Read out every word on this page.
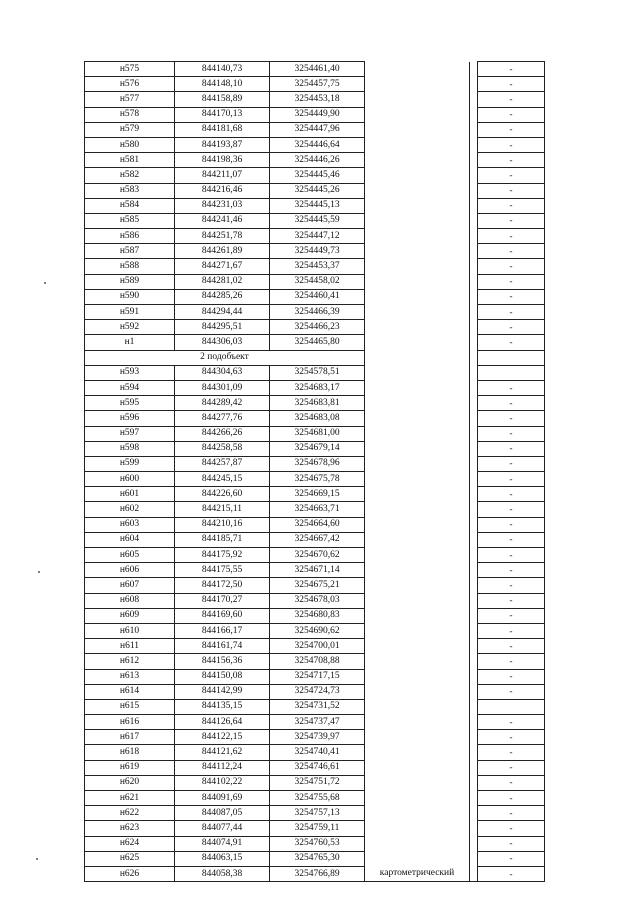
н575	844140,73	3254461,40			-
н576	844148,10	3254457,75			-
н577	844158,89	3254453,18			-
н578	844170,13	3254449,90			-
н579	844181,68	3254447,96			-
н580	844193,87	3254446,64			-
н581	844198,36	3254446,26			-
н582	844211,07	3254445,46			-
н583	844216,46	3254445,26			-
н584	844231,03	3254445,13			-
н585	844241,46	3254445,59			-
н586	844251,78	3254447,12			-
н587	844261,89	3254449,73			-
н588	844271,67	3254453,37			-
н589	844281,02	3254458,02			-
н590	844285,26	3254460,41			-
н591	844294,44	3254466,39			-
н592	844295,51	3254466,23			-
н1	844306,03	3254465,80			-
2 подобъект					
н593	844304,63	3254578,51			
н594	844301,09	3254683,17			-
н595	844289,42	3254683,81			-
н596	844277,76	3254683,08			-
н597	844266,26	3254681,00			-
н598	844258,58	3254679,14			-
н599	844257,87	3254678,96			-
н600	844245,15	3254675,78			-
н601	844226,60	3254669,15			-
н602	844215,11	3254663,71			-
н603	844210,16	3254664,60			-
н604	844185,71	3254667,42			-
н605	844175,92	3254670,62			-
н606	844175,55	3254671,14			-
н607	844172,50	3254675,21			-
н608	844170,27	3254678,03			-
н609	844169,60	3254680,83			-
н610	844166,17	3254690,62			-
н611	844161,74	3254700,01			-
н612	844156,36	3254708,88			-
н613	844150,08	3254717,15			-
н614	844142,99	3254724,73			-
н615	844135,15	3254731,52			
н616	844126,64	3254737,47			-
н617	844122,15	3254739,97			-
н618	844121,62	3254740,41			-
н619	844112,24	3254746,61			-
н620	844102,22	3254751,72			-
н621	844091,69	3254755,68			-
н622	844087,05	3254757,13			-
н623	844077,44	3254759,11			-
н624	844074,91	3254760,53			-
н625	844063,15	3254765,30			-
н626	844058,38	3254766,89	картометрический		-
